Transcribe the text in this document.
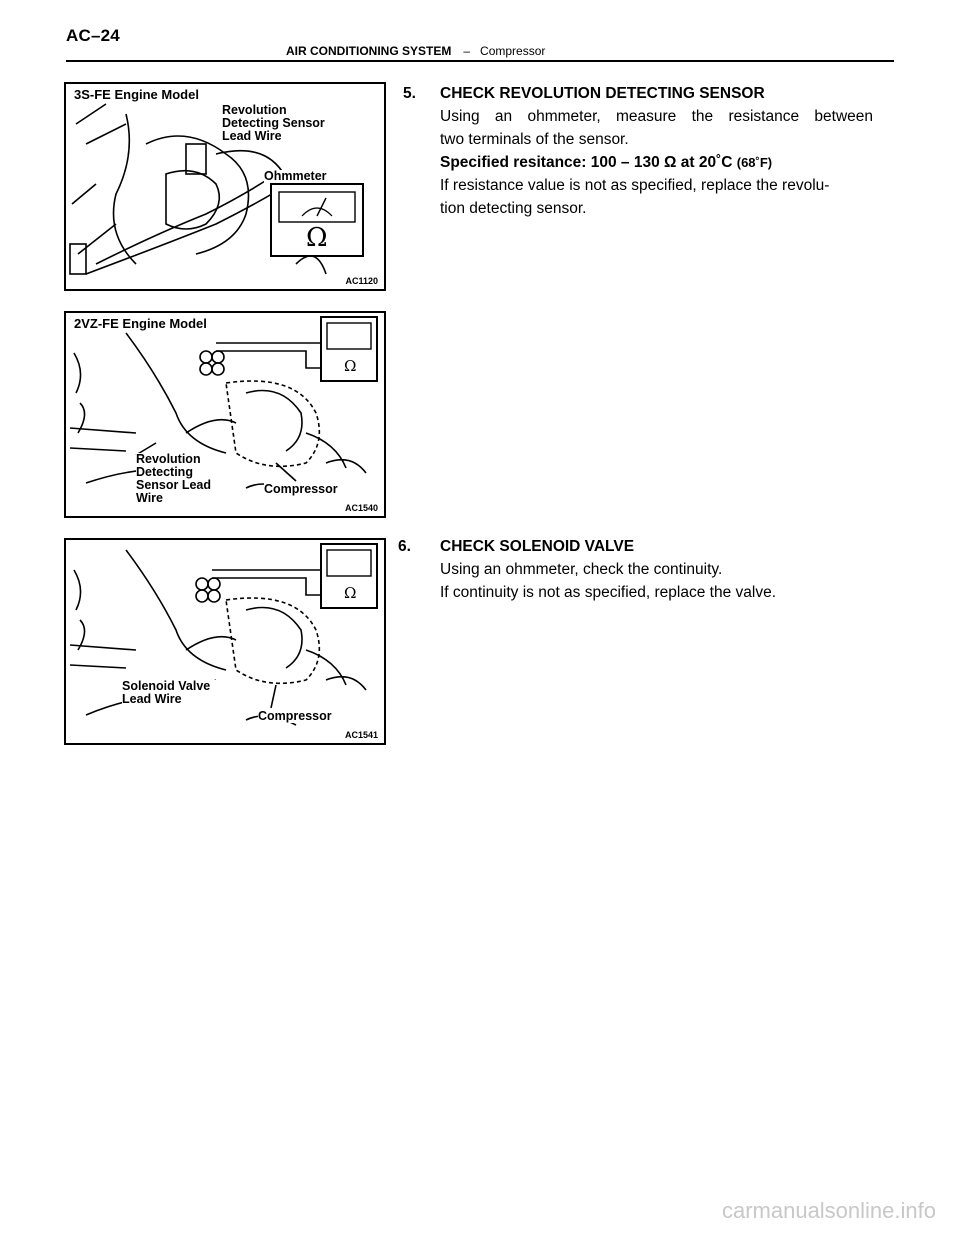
AC–24
AIR CONDITIONING SYSTEM – Compressor
Ω
3S-FE Engine Model
Revolution Detecting Sensor Lead Wire
Ohmmeter
AC1120
Ω
2VZ-FE Engine Model
Revolution Detecting Sensor Lead Wire
Compressor
AC1540
Ω
Solenoid Valve Lead Wire
Compressor
AC1541
5. CHECK REVOLUTION DETECTING SENSOR

Using an ohmmeter, measure the resistance between

two terminals of the sensor.

Specified resitance: 100 – 130 Ω at 20˚C (68˚F)

If resistance value is not as specified, replace the revolu-

tion detecting sensor.

6. CHECK SOLENOID VALVE

Using an ohmmeter, check the continuity.

If continuity is not as specified, replace the valve.

carmanualsonline.info
